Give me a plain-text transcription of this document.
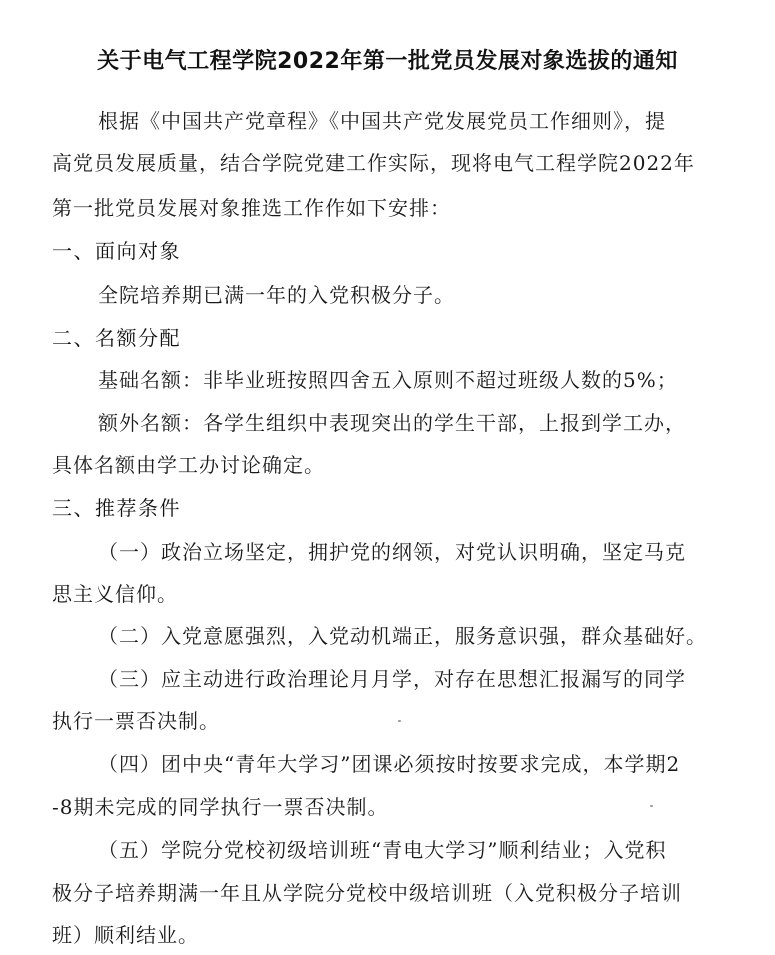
关于电气工程学院2022年第一批党员发展对象选拔的通知
根据《中国共产党章程》《中国共产党发展党员工作细则》，提
高党员发展质量，结合学院党建工作实际，现将电气工程学院2022年
第一批党员发展对象推选工作作如下安排：
一、面向对象
全院培养期已满一年的入党积极分子。
二、名额分配
基础名额：非毕业班按照四舍五入原则不超过班级人数的5%；
额外名额：各学生组织中表现突出的学生干部，上报到学工办，
具体名额由学工办讨论确定。
三、推荐条件
（一）政治立场坚定，拥护党的纲领，对党认识明确，坚定马克
思主义信仰。
（二）入党意愿强烈，入党动机端正，服务意识强，群众基础好。
（三）应主动进行政治理论月月学，对存在思想汇报漏写的同学
执行一票否决制。
（四）团中央“青年大学习”团课必须按时按要求完成，本学期2
-8期未完成的同学执行一票否决制。
（五）学院分党校初级培训班“青电大学习”顺利结业；入党积
极分子培养期满一年且从学院分党校中级培训班（入党积极分子培训
班）顺利结业。
